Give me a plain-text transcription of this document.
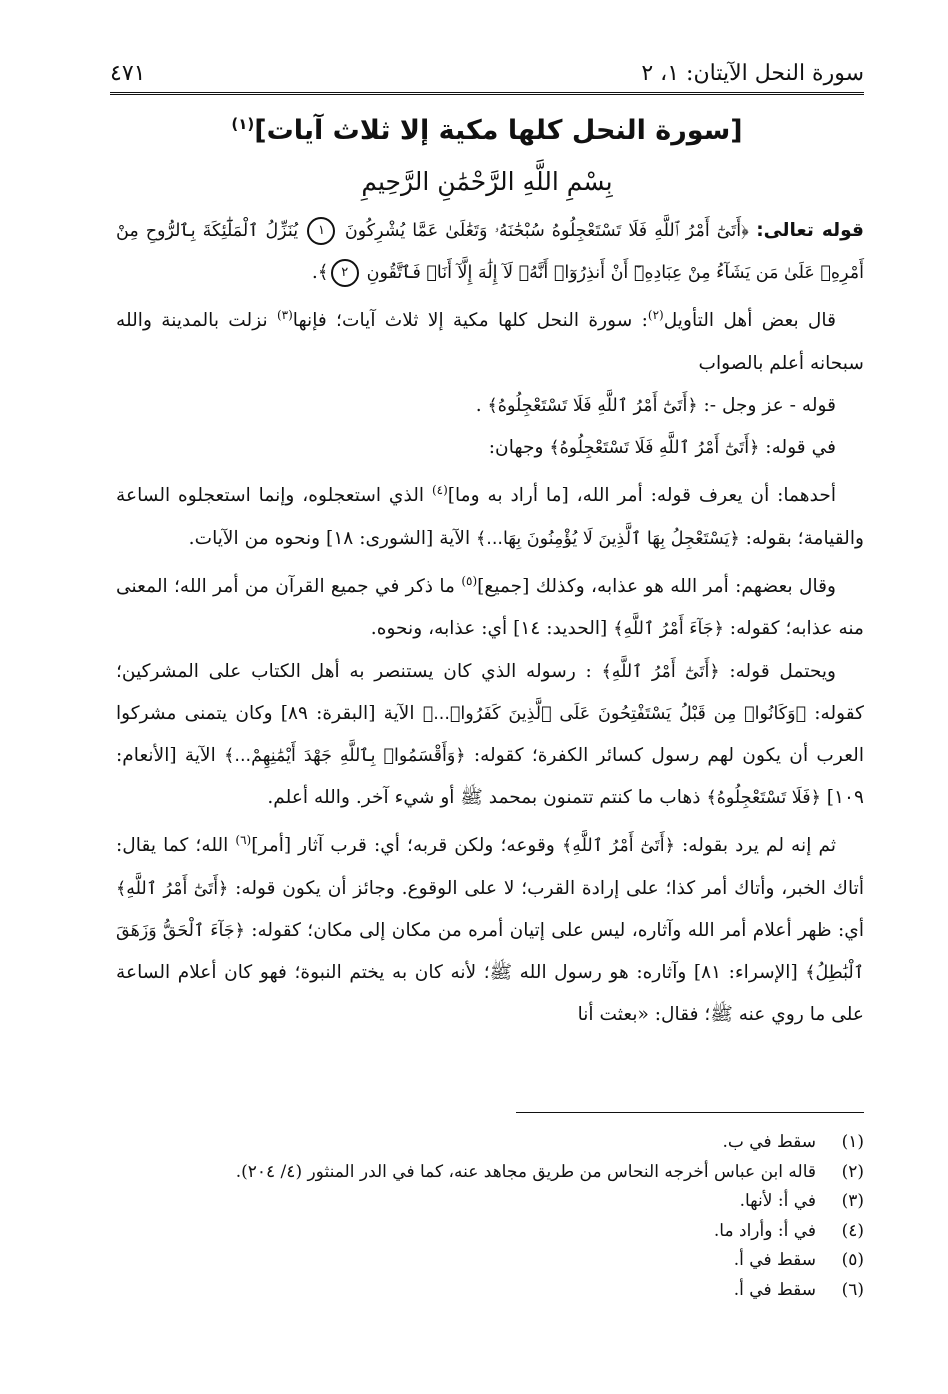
سورة النحل الآيتان: ١، ٢
٤٧١
[سورة النحل كلها مكية إلا ثلاث آيات]$^{(١)}$
بِسْمِ اللَّهِ الرَّحْمَٰنِ الرَّحِيمِ

قوله تعالى: ﴿أَتَىٰٓ أَمْرُ ٱللَّهِ فَلَا تَسْتَعْجِلُوهُ سُبْحَٰنَهُۥ وَتَعَٰلَىٰ عَمَّا يُشْرِكُونَ ١ يُنَزِّلُ ٱلْمَلَٰٓئِكَةَ بِٱلرُّوحِ مِنْ أَمْرِهِۦ عَلَىٰ مَن يَشَآءُ مِنْ عِبَادِهِۦٓ أَنْ أَنذِرُوٓا۟ أَنَّهُۥ لَآ إِلَٰهَ إِلَّآ أَنَا۠ فَٱتَّقُونِ ٢﴾.

قال بعض أهل التأويل$^{(٢)}$: سورة النحل كلها مكية إلا ثلاث آيات؛ فإنها$^{(٣)}$ نزلت بالمدينة والله سبحانه أعلم بالصواب

قوله - عز وجل -: ﴿أَتَىٰٓ أَمْرُ ٱللَّهِ فَلَا تَسْتَعْجِلُوهُ﴾ .

في قوله: ﴿أَتَىٰٓ أَمْرُ ٱللَّهِ فَلَا تَسْتَعْجِلُوهُ﴾ وجهان:

أحدهما: أن يعرف قوله: أمر الله، [ما أراد به وما]$^{(٤)}$ الذي استعجلوه، وإنما استعجلوه الساعة والقيامة؛ بقوله: ﴿يَسْتَعْجِلُ بِهَا ٱلَّذِينَ لَا يُؤْمِنُونَ بِهَا...﴾ الآية [الشورى: ١٨] ونحوه من الآيات.

وقال بعضهم: أمر الله هو عذابه، وكذلك [جميع]$^{(٥)}$ ما ذكر في جميع القرآن من أمر الله؛ المعنى منه عذابه؛ كقوله: ﴿جَآءَ أَمْرُ ٱللَّهِ﴾ [الحديد: ١٤] أي: عذابه، ونحوه.

ويحتمل قوله: ﴿أَتَىٰٓ أَمْرُ ٱللَّهِ﴾ : رسوله الذي كان يستنصر به أهل الكتاب على المشركين؛ كقوله: ﴿وَكَانُوا۟ مِن قَبْلُ يَسْتَفْتِحُونَ عَلَى ٱلَّذِينَ كَفَرُوا۟...﴾ الآية [البقرة: ٨٩] وكان يتمنى مشركوا العرب أن يكون لهم رسول كسائر الكفرة؛ كقوله: ﴿وَأَقْسَمُوا۟ بِٱللَّهِ جَهْدَ أَيْمَٰنِهِمْ...﴾ الآية [الأنعام: ١٠٩] ﴿فَلَا تَسْتَعْجِلُوهُ﴾ ذهاب ما كنتم تتمنون بمحمد ﷺ أو شيء آخر. والله أعلم.

ثم إنه لم يرد بقوله: ﴿أَتَىٰٓ أَمْرُ ٱللَّهِ﴾ وقوعه؛ ولكن قربه؛ أي: قرب آثار [أمر]$^{(٦)}$ الله؛ كما يقال: أتاك الخبر، وأتاك أمر كذا؛ على إرادة القرب؛ لا على الوقوع. وجائز أن يكون قوله: ﴿أَتَىٰٓ أَمْرُ ٱللَّهِ﴾ أي: ظهر أعلام أمر الله وآثاره، ليس على إتيان أمره من مكان إلى مكان؛ كقوله: ﴿جَآءَ ٱلْحَقُّ وَزَهَقَ ٱلْبَٰطِلُ﴾ [الإسراء: ٨١] وآثاره: هو رسول الله ﷺ؛ لأنه كان به يختم النبوة؛ فهو كان أعلام الساعة على ما روي عنه ﷺ؛ فقال: «بعثت أنا

(١)
سقط في ب.
(٢)
قاله ابن عباس أخرجه النحاس من طريق مجاهد عنه، كما في الدر المنثور (٤/ ٢٠٤).
(٣)
في أ: لأنها.
(٤)
في أ: وأراد ما.
(٥)
سقط في أ.
(٦)
سقط في أ.
